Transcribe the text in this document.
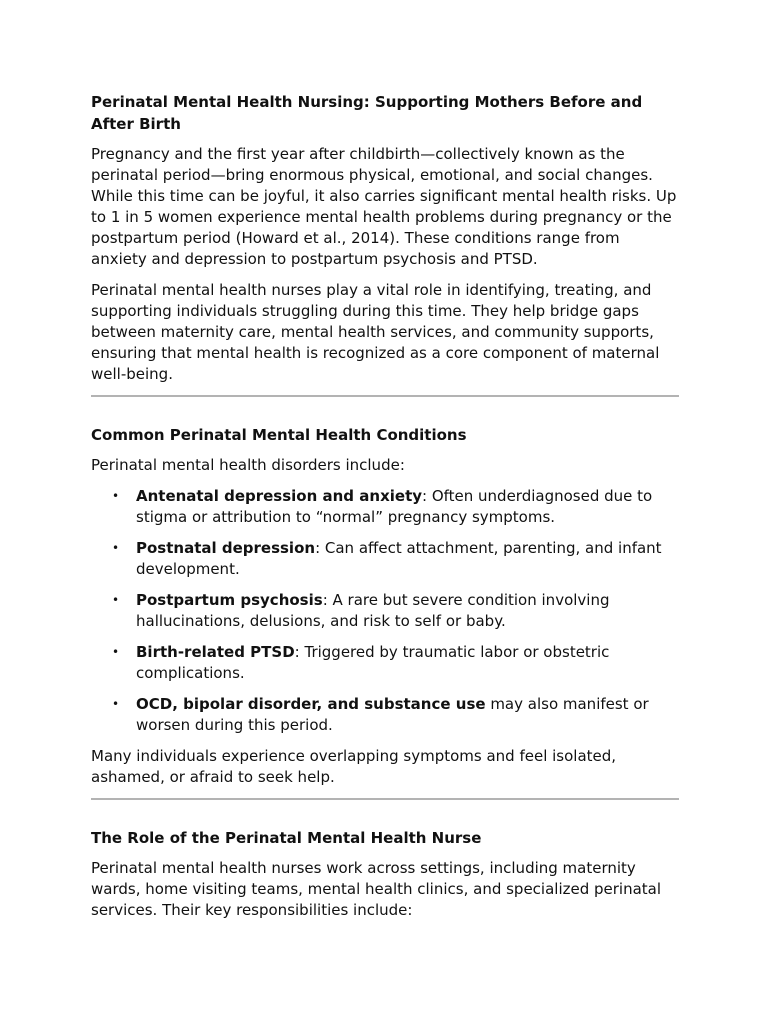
Perinatal Mental Health Nursing: Supporting Mothers Before and After Birth

Pregnancy and the first year after childbirth—collectively known as the perinatal period—bring enormous physical, emotional, and social changes. While this time can be joyful, it also carries significant mental health risks. Up to 1 in 5 women experience mental health problems during pregnancy or the postpartum period (Howard et al., 2014). These conditions range from anxiety and depression to postpartum psychosis and PTSD.

Perinatal mental health nurses play a vital role in identifying, treating, and supporting individuals struggling during this time. They help bridge gaps between maternity care, mental health services, and community supports, ensuring that mental health is recognized as a core component of maternal well-being.

Common Perinatal Mental Health Conditions

Perinatal mental health disorders include:

• Antenatal depression and anxiety: Often underdiagnosed due to stigma or attribution to “normal” pregnancy symptoms.
• Postnatal depression: Can affect attachment, parenting, and infant development.
• Postpartum psychosis: A rare but severe condition involving hallucinations, delusions, and risk to self or baby.
• Birth-related PTSD: Triggered by traumatic labor or obstetric complications.
• OCD, bipolar disorder, and substance use may also manifest or worsen during this period.

Many individuals experience overlapping symptoms and feel isolated, ashamed, or afraid to seek help.

The Role of the Perinatal Mental Health Nurse

Perinatal mental health nurses work across settings, including maternity wards, home visiting teams, mental health clinics, and specialized perinatal services. Their key responsibilities include:
